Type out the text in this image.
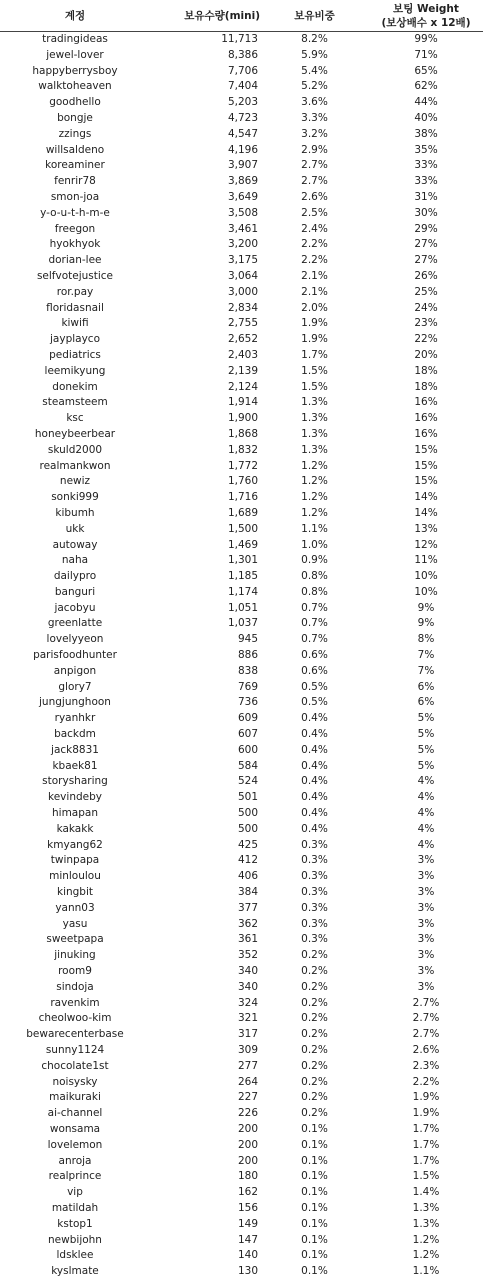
계정	보유수량(mini)	보유비중	보팅 Weight
(보상배수 x 12배)

tradingideas	11,713	8.2%	99%
jewel-lover	8,386	5.9%	71%
happyberrysboy	7,706	5.4%	65%
walktoheaven	7,404	5.2%	62%
goodhello	5,203	3.6%	44%
bongje	4,723	3.3%	40%
zzings	4,547	3.2%	38%
willsaldeno	4,196	2.9%	35%
koreaminer	3,907	2.7%	33%
fenrir78	3,869	2.7%	33%
smon-joa	3,649	2.6%	31%
y-o-u-t-h-m-e	3,508	2.5%	30%
freegon	3,461	2.4%	29%
hyokhyok	3,200	2.2%	27%
dorian-lee	3,175	2.2%	27%
selfvotejustice	3,064	2.1%	26%
ror.pay	3,000	2.1%	25%
floridasnail	2,834	2.0%	24%
kiwifi	2,755	1.9%	23%
jayplayco	2,652	1.9%	22%
pediatrics	2,403	1.7%	20%
leemikyung	2,139	1.5%	18%
donekim	2,124	1.5%	18%
steamsteem	1,914	1.3%	16%
ksc	1,900	1.3%	16%
honeybeerbear	1,868	1.3%	16%
skuld2000	1,832	1.3%	15%
realmankwon	1,772	1.2%	15%
newiz	1,760	1.2%	15%
sonki999	1,716	1.2%	14%
kibumh	1,689	1.2%	14%
ukk	1,500	1.1%	13%
autoway	1,469	1.0%	12%
naha	1,301	0.9%	11%
dailypro	1,185	0.8%	10%
banguri	1,174	0.8%	10%
jacobyu	1,051	0.7%	9%
greenlatte	1,037	0.7%	9%
lovelyyeon	945	0.7%	8%
parisfoodhunter	886	0.6%	7%
anpigon	838	0.6%	7%
glory7	769	0.5%	6%
jungjunghoon	736	0.5%	6%
ryanhkr	609	0.4%	5%
backdm	607	0.4%	5%
jack8831	600	0.4%	5%
kbaek81	584	0.4%	5%
storysharing	524	0.4%	4%
kevindeby	501	0.4%	4%
himapan	500	0.4%	4%
kakakk	500	0.4%	4%
kmyang62	425	0.3%	4%
twinpapa	412	0.3%	3%
minloulou	406	0.3%	3%
kingbit	384	0.3%	3%
yann03	377	0.3%	3%
yasu	362	0.3%	3%
sweetpapa	361	0.3%	3%
jinuking	352	0.2%	3%
room9	340	0.2%	3%
sindoja	340	0.2%	3%
ravenkim	324	0.2%	2.7%
cheolwoo-kim	321	0.2%	2.7%
bewarecenterbase	317	0.2%	2.7%
sunny1124	309	0.2%	2.6%
chocolate1st	277	0.2%	2.3%
noisysky	264	0.2%	2.2%
maikuraki	227	0.2%	1.9%
ai-channel	226	0.2%	1.9%
wonsama	200	0.1%	1.7%
lovelemon	200	0.1%	1.7%
anroja	200	0.1%	1.7%
realprince	180	0.1%	1.5%
vip	162	0.1%	1.4%
matildah	156	0.1%	1.3%
kstop1	149	0.1%	1.3%
newbijohn	147	0.1%	1.2%
ldsklee	140	0.1%	1.2%
kyslmate	130	0.1%	1.1%
